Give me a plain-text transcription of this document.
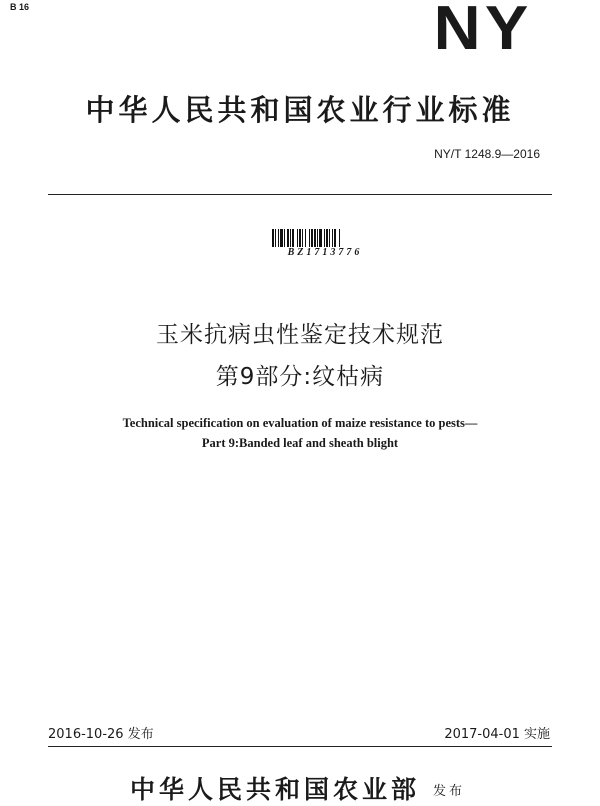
B 16	NY
中华人民共和国农业行业标准
NY/T 1248.9—2016
BZ1713776
玉米抗病虫性鉴定技术规范
第9部分:纹枯病
Technical specification on evaluation of maize resistance to pests—
Part 9:Banded leaf and sheath blight
2016-10-26 发布	2017-04-01 实施
中华人民共和国农业部 发布
